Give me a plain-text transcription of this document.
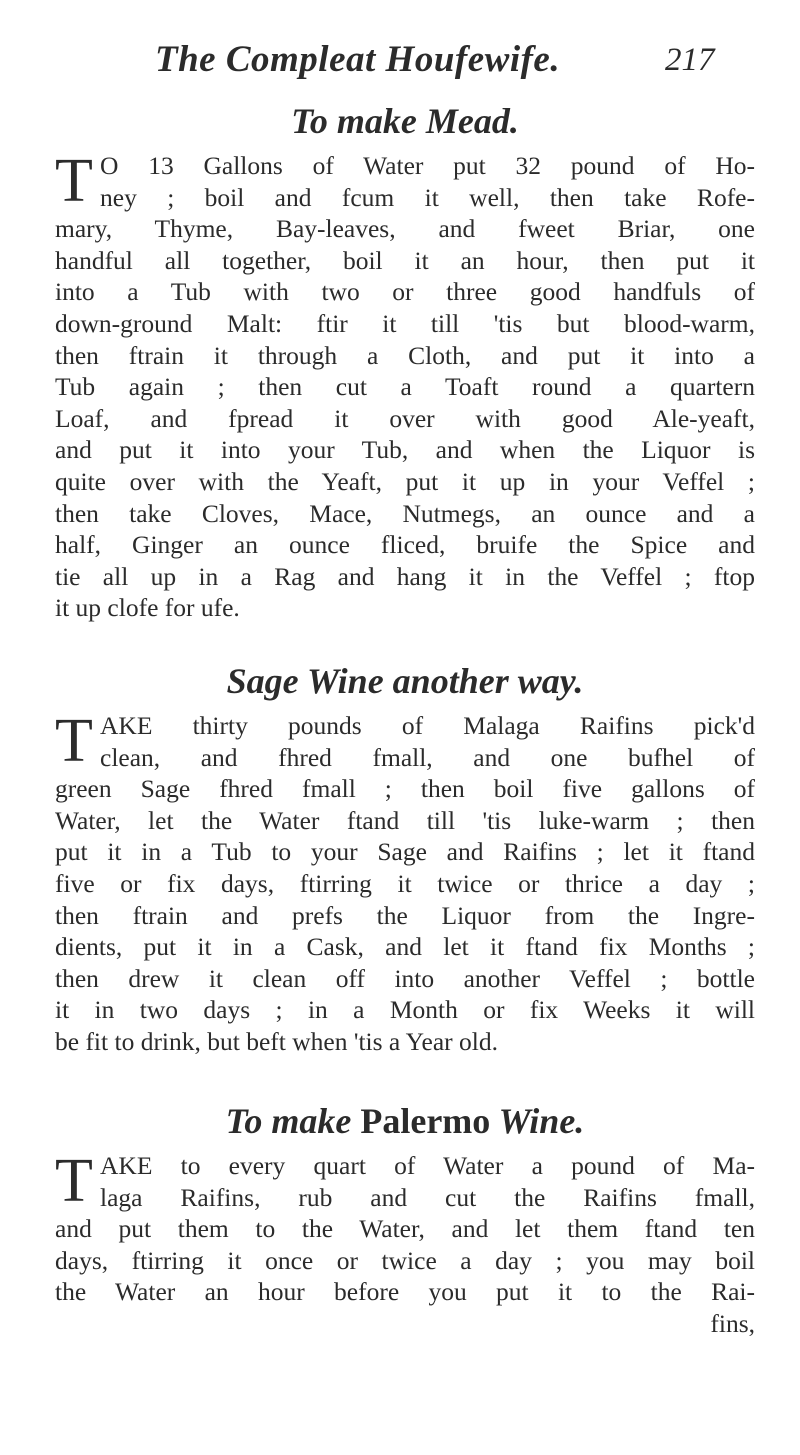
The Compleat Houfewife.	217
To make Mead.
T O 13 Gallons of Water put 32 pound of Ho-
ney ; boil and fcum it well, then take Rofe-
mary, Thyme, Bay-leaves, and fweet Briar, one
handful all together, boil it an hour, then put it
into a Tub with two or three good handfuls of
down-ground Malt: ftir it till 'tis but blood-warm,
then ftrain it through a Cloth, and put it into a
Tub again ; then cut a Toaft round a quartern
Loaf, and fpread it over with good Ale-yeaft,
and put it into your Tub, and when the Liquor is
quite over with the Yeaft, put it up in your Veffel ;
then take Cloves, Mace, Nutmegs, an ounce and a
half, Ginger an ounce fliced, bruife the Spice and
tie all up in a Rag and hang it in the Veffel ; ftop
it up clofe for ufe.
Sage Wine another way.
T AKE thirty pounds of Malaga Raifins pick'd
clean, and fhred fmall, and one bufhel of
green Sage fhred fmall ; then boil five gallons of
Water, let the Water ftand till 'tis luke-warm ; then
put it in a Tub to your Sage and Raifins ; let it ftand
five or fix days, ftirring it twice or thrice a day ;
then ftrain and prefs the Liquor from the Ingre-
dients, put it in a Cask, and let it ftand fix Months ;
then drew it clean off into another Veffel ; bottle
it in two days ; in a Month or fix Weeks it will
be fit to drink, but beft when 'tis a Year old.
To make Palermo Wine.
T AKE to every quart of Water a pound of Ma-
laga Raifins, rub and cut the Raifins fmall,
and put them to the Water, and let them ftand ten
days, ftirring it once or twice a day ; you may boil
the Water an hour before you put it to the Rai-
fins,
